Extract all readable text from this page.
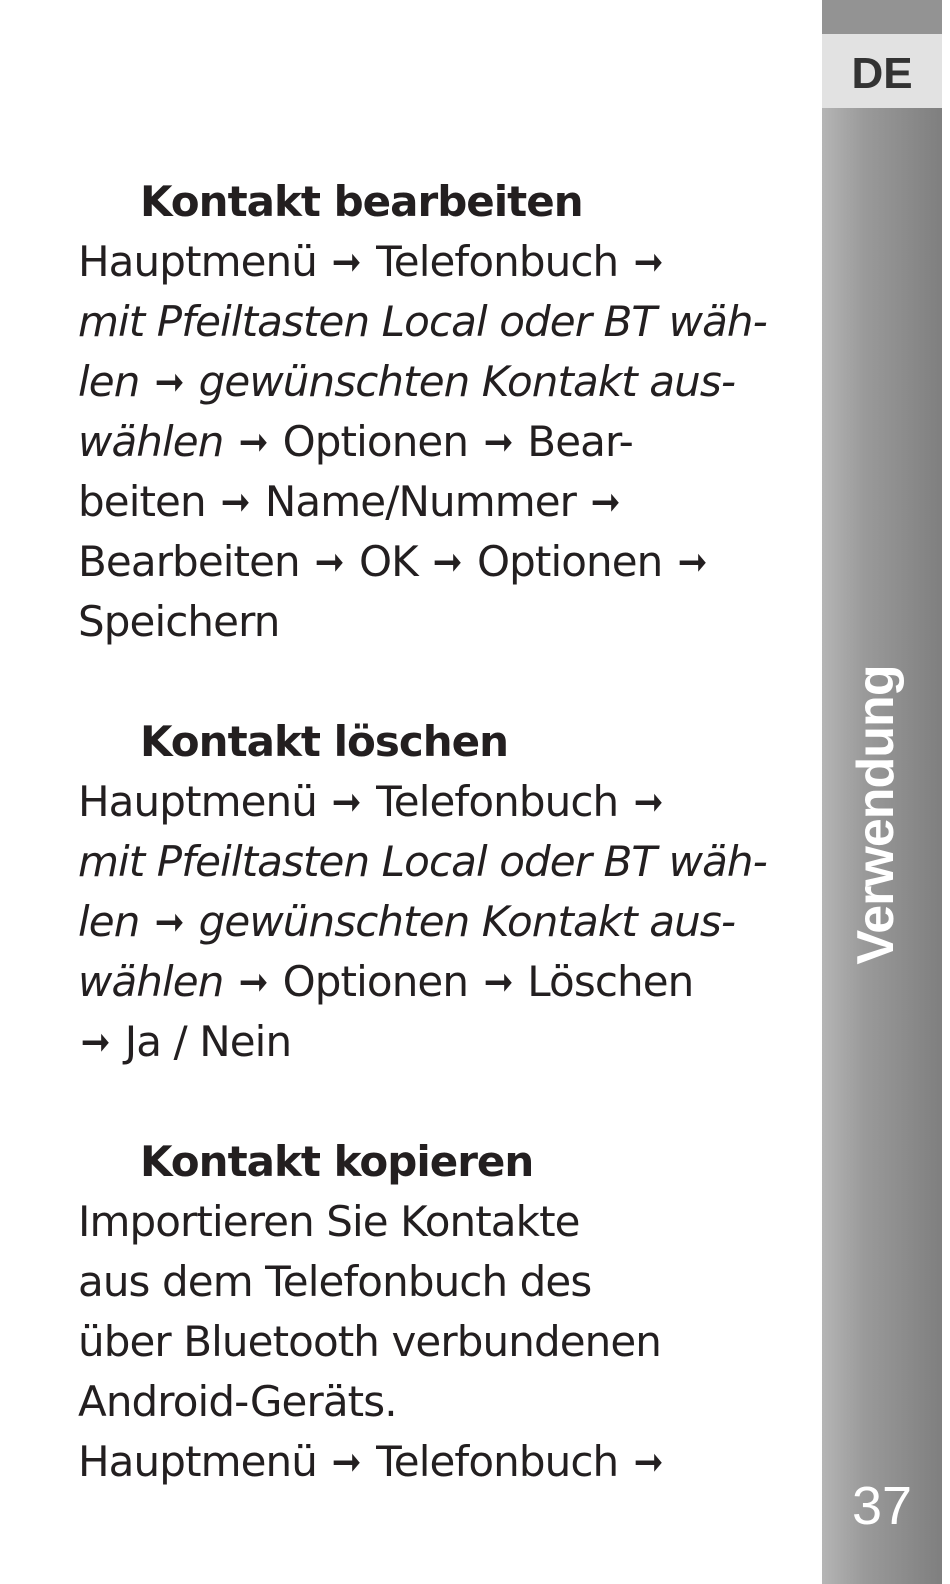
Kontakt bearbeiten
Hauptmenü ➞ Telefonbuch ➞
mit Pfeiltasten Local oder BT wäh-
len ➞ gewünschten Kontakt aus-
wählen ➞ Optionen ➞ Bear-
beiten ➞ Name/Nummer ➞
Bearbeiten ➞ OK ➞ Optionen ➞
Speichern
Kontakt löschen
Hauptmenü ➞ Telefonbuch ➞
mit Pfeiltasten Local oder BT wäh-
len ➞ gewünschten Kontakt aus-
wählen ➞ Optionen ➞ Löschen
➞ Ja / Nein
Kontakt kopieren
Importieren Sie Kontakte
aus dem Telefonbuch des
über Bluetooth verbundenen
Android-Geräts.
Hauptmenü ➞ Telefonbuch ➞
DE
Verwendung
37
